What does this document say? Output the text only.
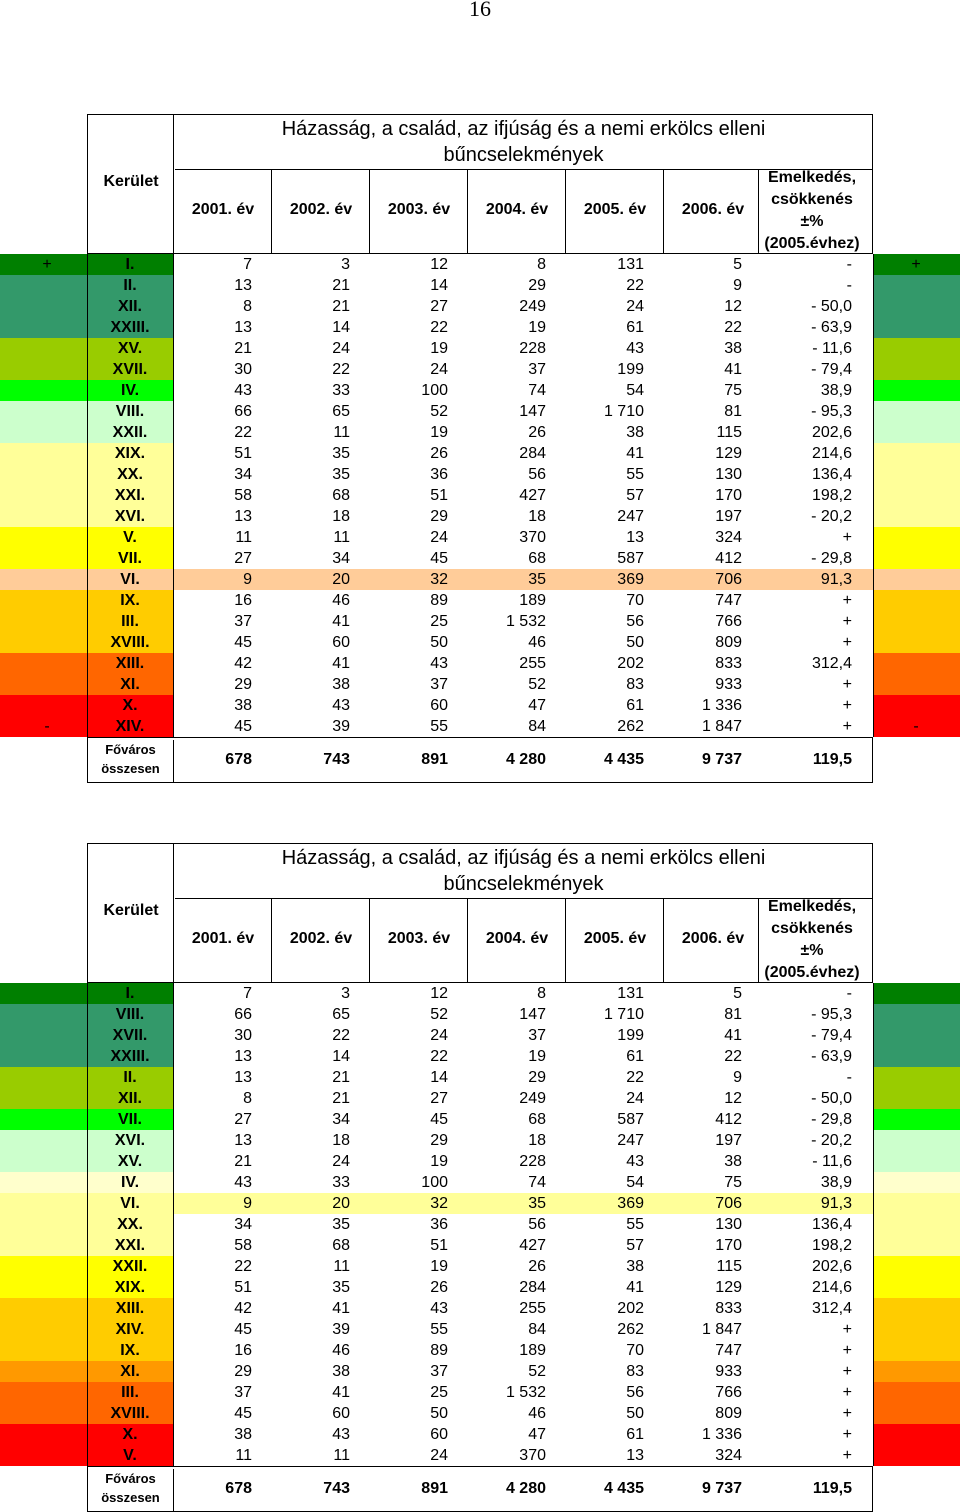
16
Kerület
Házasság, a család, az ifjúság és a nemi erkölcs elleni
bűncselekmények
2001. év	2002. év	2003. év	2004. év	2005. év	2006. év
Emelkedés,
csökkenés
±%
(2005.évhez)
I.	7	3	12	8	131	5	-
+	+
II.	13	21	14	29	22	9	-
XII.	8	21	27	249	24	12	- 50,0
XXIII.	13	14	22	19	61	22	- 63,9
XV.	21	24	19	228	43	38	- 11,6
XVII.	30	22	24	37	199	41	- 79,4
IV.	43	33	100	74	54	75	38,9
VIII.	66	65	52	147	1 710	81	- 95,3
XXII.	22	11	19	26	38	115	202,6
XIX.	51	35	26	284	41	129	214,6
XX.	34	35	36	56	55	130	136,4
XXI.	58	68	51	427	57	170	198,2
XVI.	13	18	29	18	247	197	- 20,2
V.	11	11	24	370	13	324	+
VII.	27	34	45	68	587	412	- 29,8
VI.	9	20	32	35	369	706	91,3
IX.	16	46	89	189	70	747	+
III.	37	41	25	1 532	56	766	+
XVIII.	45	60	50	46	50	809	+
XIII.	42	41	43	255	202	833	312,4
XI.	29	38	37	52	83	933	+
X.	38	43	60	47	61	1 336	+
XIV.	45	39	55	84	262	1 847	+
-	-
Főváros
összesen
678	743	891	4 280	4 435	9 737	119,5
Kerület
Házasság, a család, az ifjúság és a nemi erkölcs elleni
bűncselekmények
2001. év	2002. év	2003. év	2004. év	2005. év	2006. év
Emelkedés,
csökkenés
±%
(2005.évhez)
I.	7	3	12	8	131	5	-
VIII.	66	65	52	147	1 710	81	- 95,3
XVII.	30	22	24	37	199	41	- 79,4
XXIII.	13	14	22	19	61	22	- 63,9
II.	13	21	14	29	22	9	-
XII.	8	21	27	249	24	12	- 50,0
VII.	27	34	45	68	587	412	- 29,8
XVI.	13	18	29	18	247	197	- 20,2
XV.	21	24	19	228	43	38	- 11,6
IV.	43	33	100	74	54	75	38,9
VI.	9	20	32	35	369	706	91,3
XX.	34	35	36	56	55	130	136,4
XXI.	58	68	51	427	57	170	198,2
XXII.	22	11	19	26	38	115	202,6
XIX.	51	35	26	284	41	129	214,6
XIII.	42	41	43	255	202	833	312,4
XIV.	45	39	55	84	262	1 847	+
IX.	16	46	89	189	70	747	+
XI.	29	38	37	52	83	933	+
III.	37	41	25	1 532	56	766	+
XVIII.	45	60	50	46	50	809	+
X.	38	43	60	47	61	1 336	+
V.	11	11	24	370	13	324	+
Főváros
összesen
678	743	891	4 280	4 435	9 737	119,5
